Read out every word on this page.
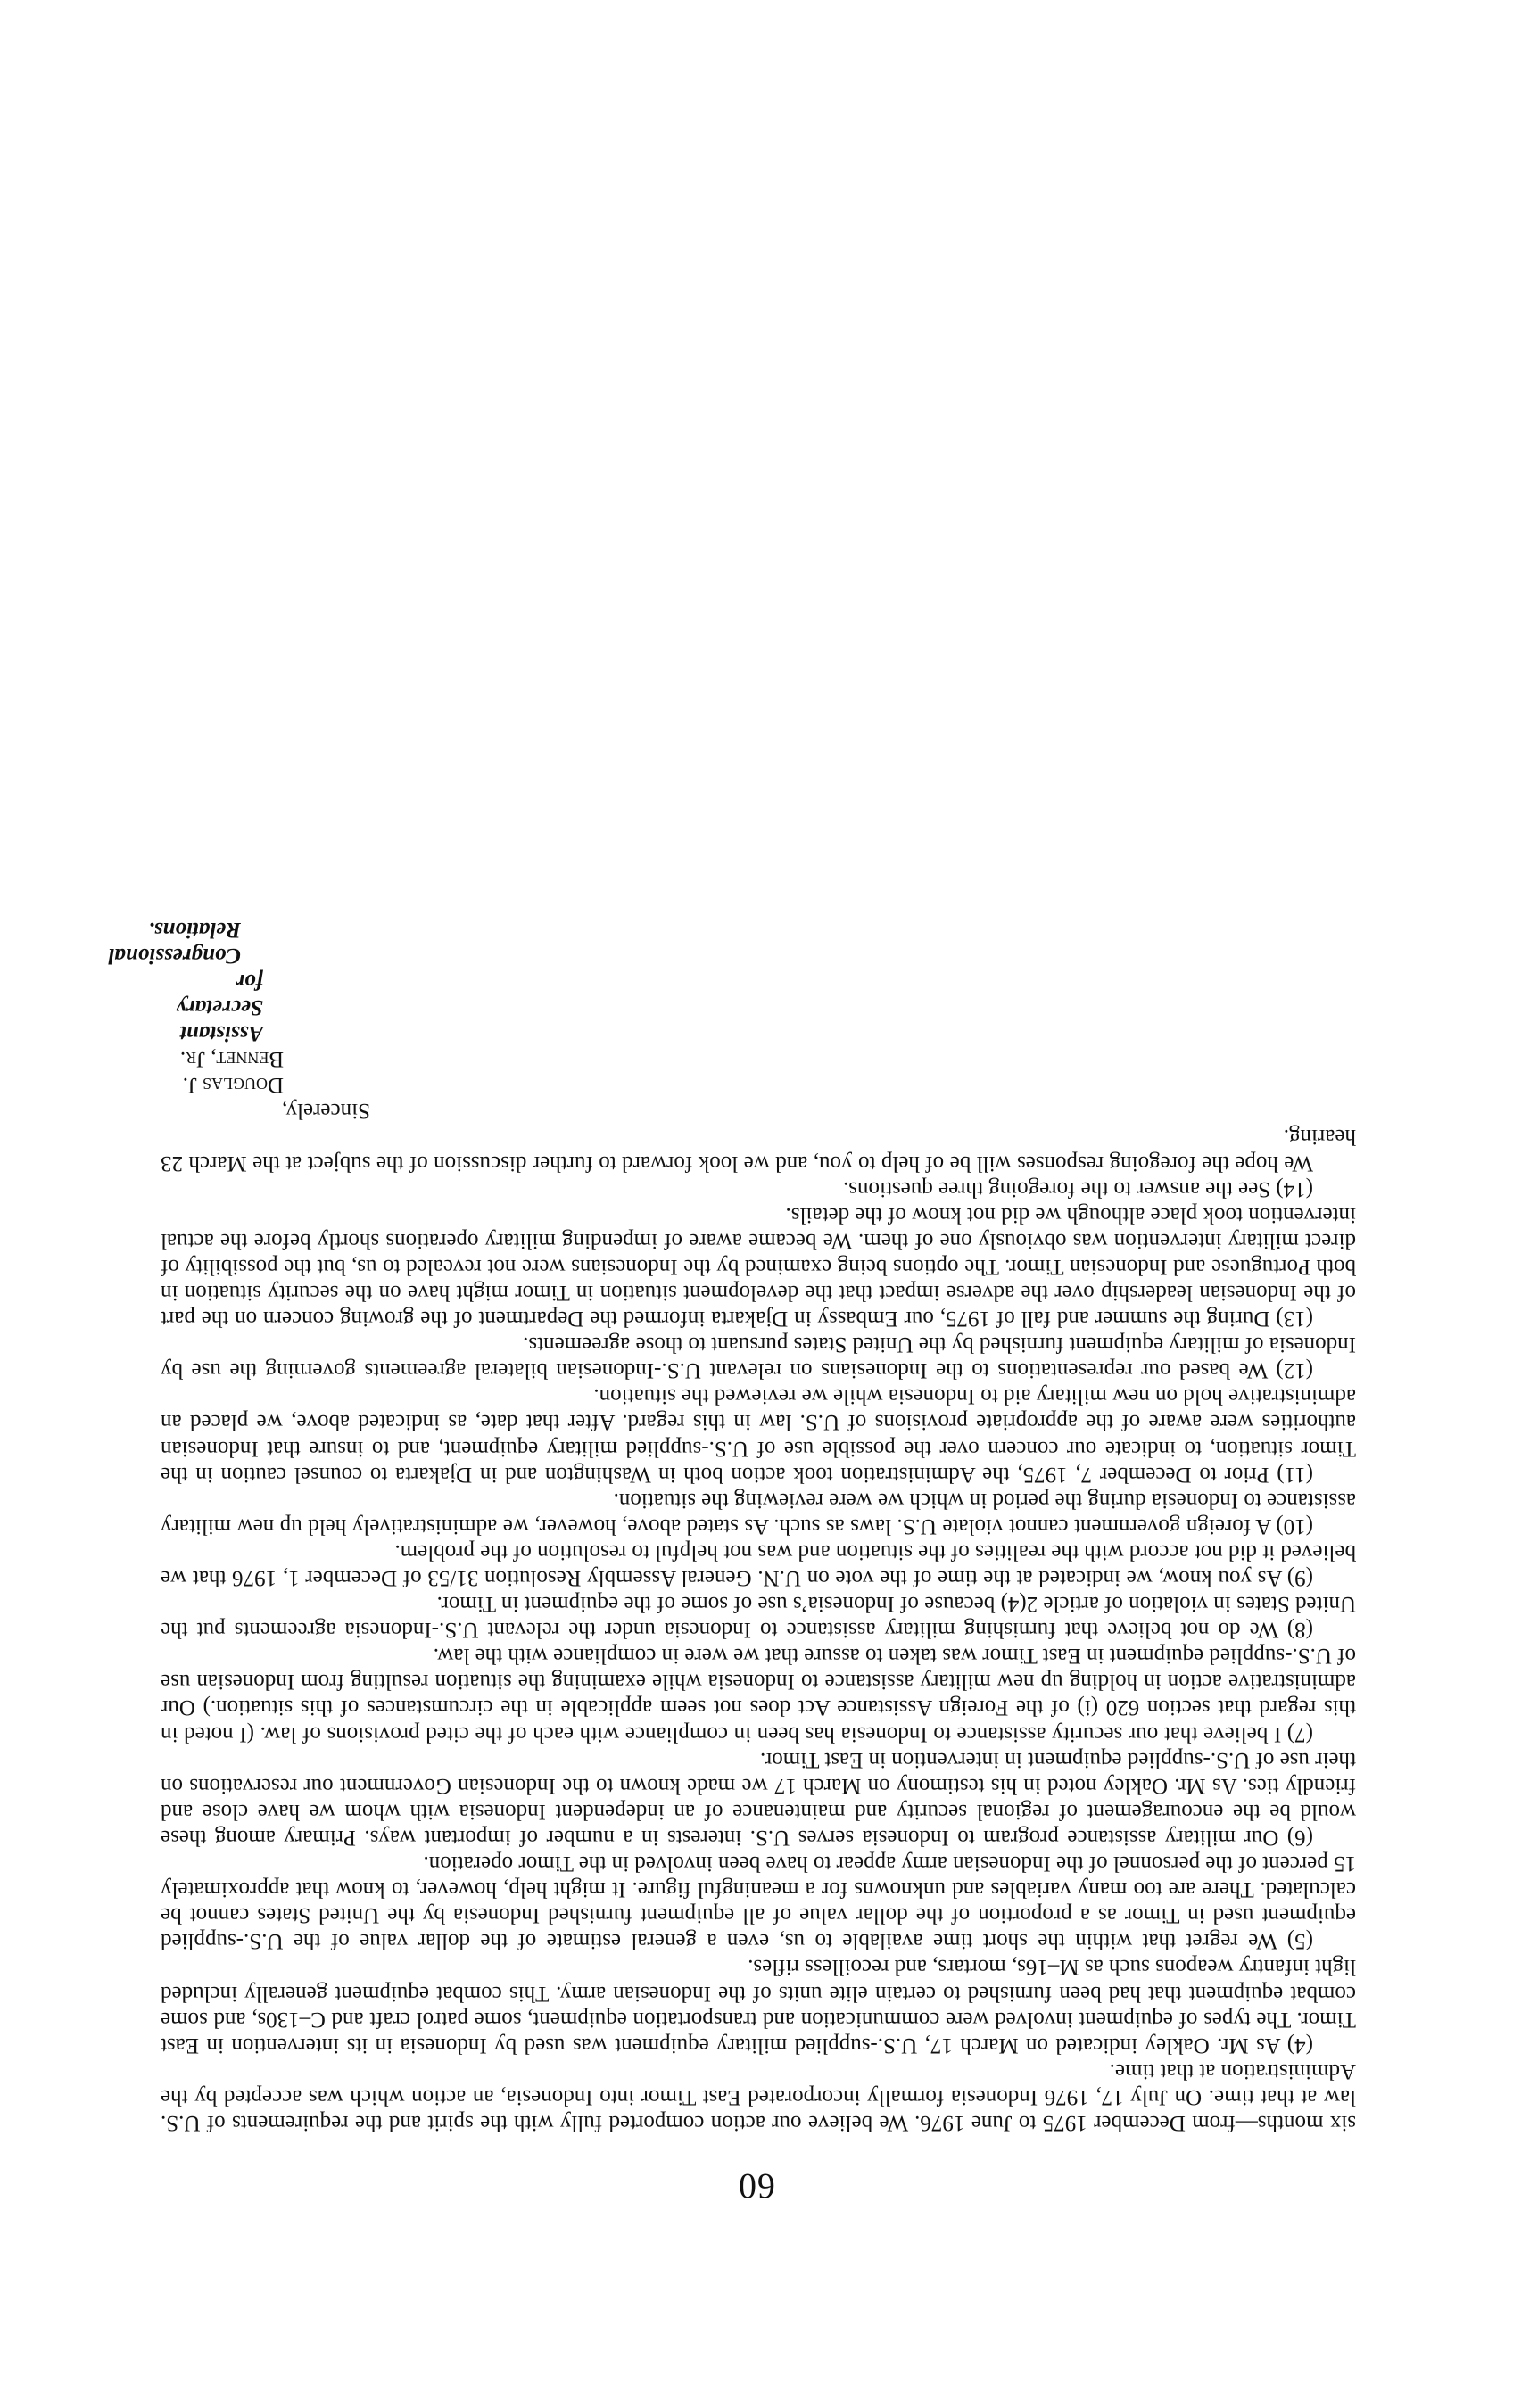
60

six months—from December 1975 to June 1976. We believe our action comported fully with the spirit and the requirements of U.S. law at that time. On July 17, 1976 Indonesia formally incorporated East Timor into Indonesia, an action which was accepted by the Administration at that time.

(4) As Mr. Oakley indicated on March 17, U.S.-supplied military equipment was used by Indonesia in its intervention in East Timor. The types of equipment involved were communication and transportation equipment, some patrol craft and C–130s, and some combat equipment that had been furnished to certain elite units of the Indonesian army. This combat equipment generally included light infantry weapons such as M–16s, mortars, and recoilless rifles.

(5) We regret that within the short time available to us, even a general estimate of the dollar value of the U.S.-supplied equipment used in Timor as a proportion of the dollar value of all equipment furnished Indonesia by the United States cannot be calculated. There are too many variables and unknowns for a meaningful figure. It might help, however, to know that approximately 15 percent of the personnel of the Indonesian army appear to have been involved in the Timor operation.

(6) Our military assistance program to Indonesia serves U.S. interests in a number of important ways. Primary among these would be the encouragement of regional security and maintenance of an independent Indonesia with whom we have close and friendly ties. As Mr. Oakley noted in his testimony on March 17 we made known to the Indonesian Government our reservations on their use of U.S.-supplied equipment in intervention in East Timor.

(7) I believe that our security assistance to Indonesia has been in compliance with each of the cited provisions of law. (I noted in this regard that section 620 (i) of the Foreign Assistance Act does not seem applicable in the circumstances of this situation.) Our administrative action in holding up new military assistance to Indonesia while examining the situation resulting from Indonesian use of U.S.-supplied equipment in East Timor was taken to assure that we were in compliance with the law.

(8) We do not believe that furnishing military assistance to Indonesia under the relevant U.S.-Indonesia agreements put the United States in violation of article 2(4) because of Indonesia’s use of some of the equipment in Timor.

(9) As you know, we indicated at the time of the vote on U.N. General Assembly Resolution 31/53 of December 1, 1976 that we believed it did not accord with the realities of the situation and was not helpful to resolution of the problem.

(10) A foreign government cannot violate U.S. laws as such. As stated above, however, we administratively held up new military assistance to Indonesia during the period in which we were reviewing the situation.

(11) Prior to December 7, 1975, the Administration took action both in Washington and in Djakarta to counsel caution in the Timor situation, to indicate our concern over the possible use of U.S.-supplied military equipment, and to insure that Indonesian authorities were aware of the appropriate provisions of U.S. law in this regard. After that date, as indicated above, we placed an administrative hold on new military aid to Indonesia while we reviewed the situation.

(12) We based our representations to the Indonesians on relevant U.S.-Indonesian bilateral agreements governing the use by Indonesia of military equipment furnished by the United States pursuant to those agreements.

(13) During the summer and fall of 1975, our Embassy in Djakarta informed the Department of the growing concern on the part of the Indonesian leadership over the adverse impact that the development situation in Timor might have on the security situation in both Portuguese and Indonesian Timor. The options being examined by the Indonesians were not revealed to us, but the possibility of direct military intervention was obviously one of them. We became aware of impending military operations shortly before the actual intervention took place although we did not know of the details.

(14) See the answer to the foregoing three questions.

We hope the foregoing responses will be of help to you, and we look forward to further discussion of the subject at the March 23 hearing.

Sincerely,

Douglas J. Bennet, Jr.

Assistant Secretary for

Congressional Relations.
